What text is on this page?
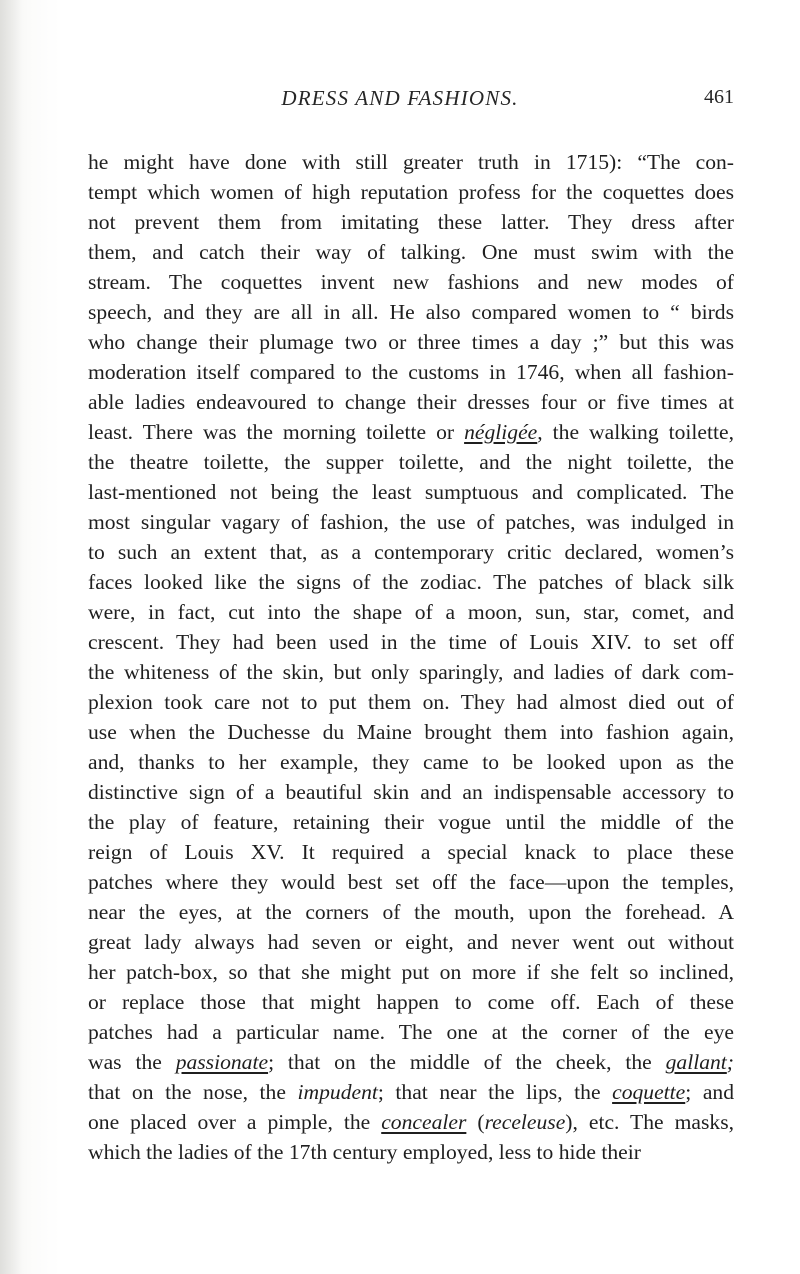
DRESS AND FASHIONS.	461
he might have done with still greater truth in 1715): “The con-
tempt which women of high reputation profess for the coquettes does
not prevent them from imitating these latter. They dress after
them, and catch their way of talking. One must swim with the
stream. The coquettes invent new fashions and new modes of
speech, and they are all in all. He also compared women to “ birds
who change their plumage two or three times a day ;” but this was
moderation itself compared to the customs in 1746, when all fashion-
able ladies endeavoured to change their dresses four or five times at
least. There was the morning toilette or négligée, the walking toilette,
the theatre toilette, the supper toilette, and the night toilette, the
last-mentioned not being the least sumptuous and complicated. The
most singular vagary of fashion, the use of patches, was indulged in
to such an extent that, as a contemporary critic declared, women’s
faces looked like the signs of the zodiac. The patches of black silk
were, in fact, cut into the shape of a moon, sun, star, comet, and
crescent. They had been used in the time of Louis XIV. to set off
the whiteness of the skin, but only sparingly, and ladies of dark com-
plexion took care not to put them on. They had almost died out of
use when the Duchesse du Maine brought them into fashion again,
and, thanks to her example, they came to be looked upon as the
distinctive sign of a beautiful skin and an indispensable accessory to
the play of feature, retaining their vogue until the middle of the
reign of Louis XV. It required a special knack to place these
patches where they would best set off the face—upon the temples,
near the eyes, at the corners of the mouth, upon the forehead. A
great lady always had seven or eight, and never went out without
her patch-box, so that she might put on more if she felt so inclined,
or replace those that might happen to come off. Each of these
patches had a particular name. The one at the corner of the eye
was the passionate; that on the middle of the cheek, the gallant;
that on the nose, the impudent; that near the lips, the coquette; and
one placed over a pimple, the concealer (receleuse), etc. The masks,
which the ladies of the 17th century employed, less to hide their
